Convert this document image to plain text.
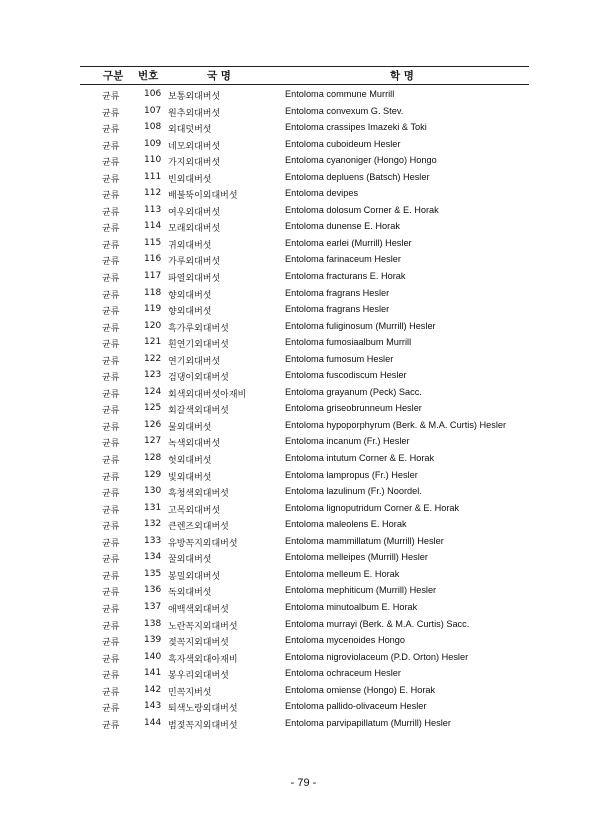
구분 번호	국 명	학 명
균류	106 보통외대버섯	Entoloma commune Murrill
균류	107 원추외대버섯	Entoloma convexum G. Stev.
균류	108 외대덧버섯	Entoloma crassipes Imazeki & Toki
균류	109 네모외대버섯	Entoloma cuboideum Hesler
균류	110 가지외대버섯	Entoloma cyanoniger (Hongo) Hongo
균류	111 빈외대버섯	Entoloma depluens (Batsch) Hesler
균류	112 배불뚝이외대버섯	Entoloma devipes
균류	113 여우외대버섯	Entoloma dolosum Corner & E. Horak
균류	114 모래외대버섯	Entoloma dunense E. Horak
균류	115 귀외대버섯	Entoloma earlei (Murrill) Hesler
균류	116 가루외대버섯	Entoloma farinaceum Hesler
균류	117 파열외대버섯	Entoloma fracturans E. Horak
균류	118 향외대버섯	Entoloma fragrans Hesler
균류	119 향외대버섯	Entoloma fragrans Hesler
균류	120 흑가루외대버섯	Entoloma fuliginosum (Murrill) Hesler
균류	121 흰연기외대버섯	Entoloma fumosiaalbum Murrill
균류	122 연기외대버섯	Entoloma fumosum Hesler
균류	123 검댕이외대버섯	Entoloma fuscodiscum Hesler
균류	124 회색외대버섯아재비	Entoloma grayanum (Peck) Sacc.
균류	125 회갈색외대버섯	Entoloma griseobrunneum Hesler
균류	126 물외대버섯	Entoloma hypoporphyrum (Berk. & M.A. Curtis) Hesler
균류	127 녹색외대버섯	Entoloma incanum (Fr.) Hesler
균류	128 헛외대버섯	Entoloma intutum Corner & E. Horak
균류	129 빛외대버섯	Entoloma lampropus (Fr.) Hesler
균류	130 흑청색외대버섯	Entoloma lazulinum (Fr.) Noordel.
균류	131 고목외대버섯	Entoloma lignoputridum Corner & E. Horak
균류	132 큰렌즈외대버섯	Entoloma maleolens E. Horak
균류	133 유방꼭지외대버섯	Entoloma mammillatum (Murrill) Hesler
균류	134 꿀외대버섯	Entoloma melleipes (Murrill) Hesler
균류	135 봉밀외대버섯	Entoloma melleum E. Horak
균류	136 독외대버섯	Entoloma mephiticum (Murrill) Hesler
균류	137 애백색외대버섯	Entoloma minutoalbum E. Horak
균류	138 노란꼭지외대버섯	Entoloma murrayi (Berk. & M.A. Curtis) Sacc.
균류	139 젖꼭지외대버섯	Entoloma mycenoides Hongo
균류	140 흑자색외대아재비	Entoloma nigroviolaceum (P.D. Orton) Hesler
균류	141 봉우리외대버섯	Entoloma ochraceum Hesler
균류	142 민꼭지버섯	Entoloma omiense (Hongo) E. Horak
균류	143 퇴색노랑외대버섯	Entoloma pallido-olivaceum Hesler
균류	144 범젖꼭지외대버섯	Entoloma parvipapillatum (Murrill) Hesler
- 79 -
